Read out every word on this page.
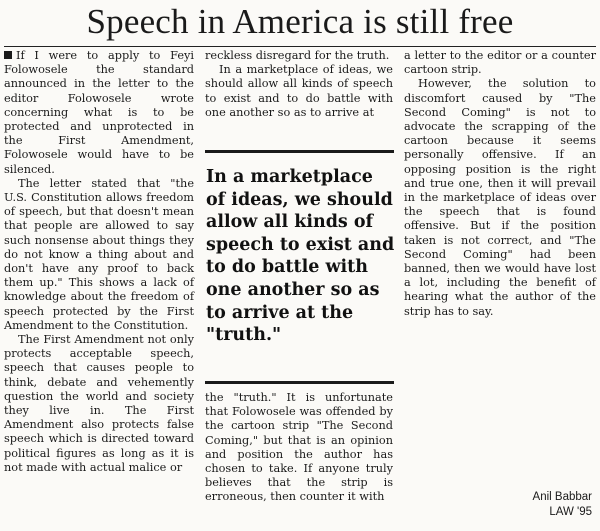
Speech in America is still free

If I were to apply to Feyi Folowosele the standard announced in the letter to the editor Folowosele wrote concerning what is to be protected and unprotected in the First Amendment, Folowosele would have to be silenced.

The letter stated that "the U.S. Constitution allows freedom of speech, but that doesn't mean that people are allowed to say such nonsense about things they do not know a thing about and don't have any proof to back them up." This shows a lack of knowledge about the freedom of speech protected by the First Amendment to the Constitution.

The First Amendment not only protects acceptable speech, speech that causes people to think, debate and vehemently question the world and society they live in. The First Amendment also protects false speech which is directed toward political figures as long as it is not made with actual malice or

reckless disregard for the truth.

In a marketplace of ideas, we should allow all kinds of speech to exist and to do battle with one another so as to arrive at

In a marketplace of ideas, we should allow all kinds of speech to exist and to do battle with one another so as to arrive at the "truth."

the "truth." It is unfortunate that Folowosele was offended by the cartoon strip "The Second Coming," but that is an opinion and position the author has chosen to take. If anyone truly believes that the strip is erroneous, then counter it with

a letter to the editor or a counter cartoon strip.

However, the solution to discomfort caused by "The Second Coming" is not to advocate the scrapping of the cartoon because it seems personally offensive. If an opposing position is the right and true one, then it will prevail in the marketplace of ideas over the speech that is found offensive. But if the position taken is not correct, and "The Second Coming" had been banned, then we would have lost a lot, including the benefit of hearing what the author of the strip has to say.

Anil Babbar
LAW '95
